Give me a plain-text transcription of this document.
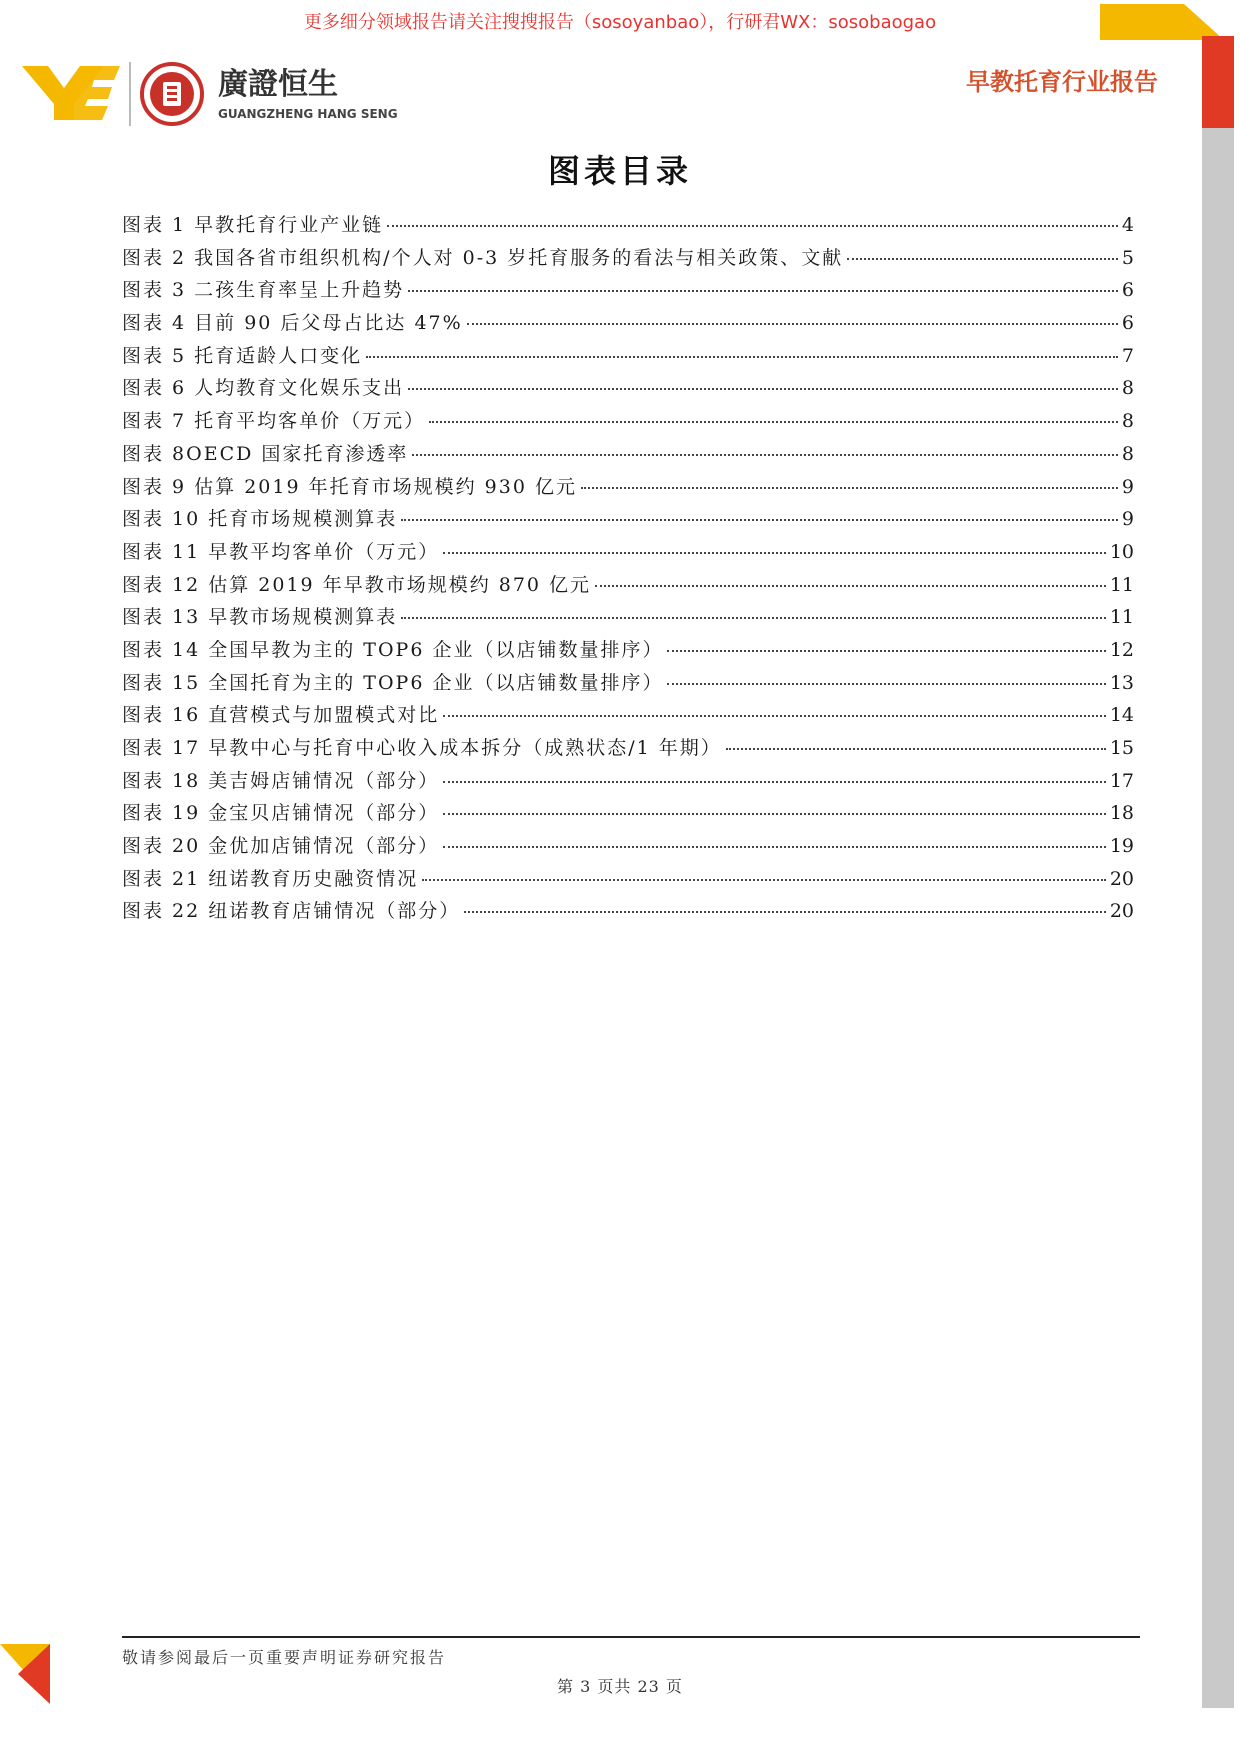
更多细分领域报告请关注搜搜报告（sosoyanbao），行研君WX：sosobaogao
廣證恒生
GUANGZHENG HANG SENG
早教托育行业报告
图表目录
图表 1 早教托育行业产业链	4
图表 2 我国各省市组织机构/个人对 0-3 岁托育服务的看法与相关政策、文献	5
图表 3 二孩生育率呈上升趋势	6
图表 4 目前 90 后父母占比达 47%	6
图表 5 托育适龄人口变化	7
图表 6 人均教育文化娱乐支出	8
图表 7 托育平均客单价（万元）	8
图表 8OECD 国家托育渗透率	8
图表 9 估算 2019 年托育市场规模约 930 亿元	9
图表 10 托育市场规模测算表	9
图表 11 早教平均客单价（万元）	10
图表 12 估算 2019 年早教市场规模约 870 亿元	11
图表 13 早教市场规模测算表	11
图表 14 全国早教为主的 TOP6 企业（以店铺数量排序）	12
图表 15 全国托育为主的 TOP6 企业（以店铺数量排序）	13
图表 16 直营模式与加盟模式对比	14
图表 17 早教中心与托育中心收入成本拆分（成熟状态/1 年期）	15
图表 18 美吉姆店铺情况（部分）	17
图表 19 金宝贝店铺情况（部分）	18
图表 20 金优加店铺情况（部分）	19
图表 21 纽诺教育历史融资情况	20
图表 22 纽诺教育店铺情况（部分）	20
敬请参阅最后一页重要声明证券研究报告
第 3 页共 23 页
